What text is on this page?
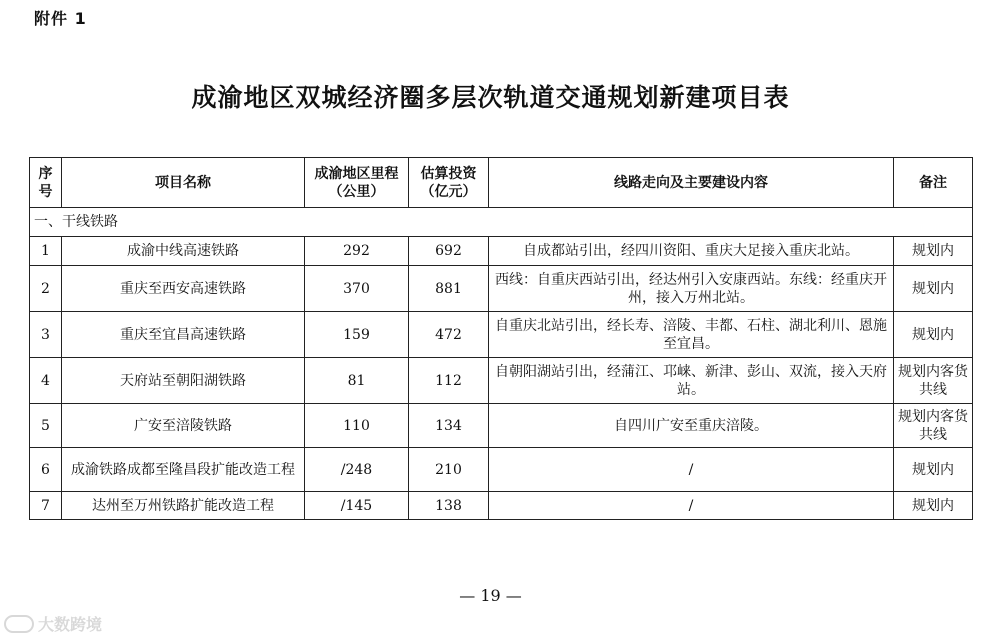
附件 1
成渝地区双城经济圈多层次轨道交通规划新建项目表
序号	项目名称	成渝地区里程（公里）	估算投资（亿元）	线路走向及主要建设内容	备注
一、干线铁路					
1	成渝中线高速铁路	292	692	自成都站引出，经四川资阳、重庆大足接入重庆北站。	规划内
2	重庆至西安高速铁路	370	881	西线：自重庆西站引出，经达州引入安康西站。东线：经重庆开州，接入万州北站。	规划内
3	重庆至宜昌高速铁路	159	472	自重庆北站引出，经长寿、涪陵、丰都、石柱、湖北利川、恩施至宜昌。	规划内
4	天府站至朝阳湖铁路	81	112	自朝阳湖站引出，经蒲江、邛崃、新津、彭山、双流，接入天府站。	规划内客货共线
5	广安至涪陵铁路	110	134	自四川广安至重庆涪陵。	规划内客货共线
6	成渝铁路成都至隆昌段扩能改造工程	/248	210	/	规划内
7	达州至万州铁路扩能改造工程	/145	138	/	规划内
— 19 —
大数跨境
